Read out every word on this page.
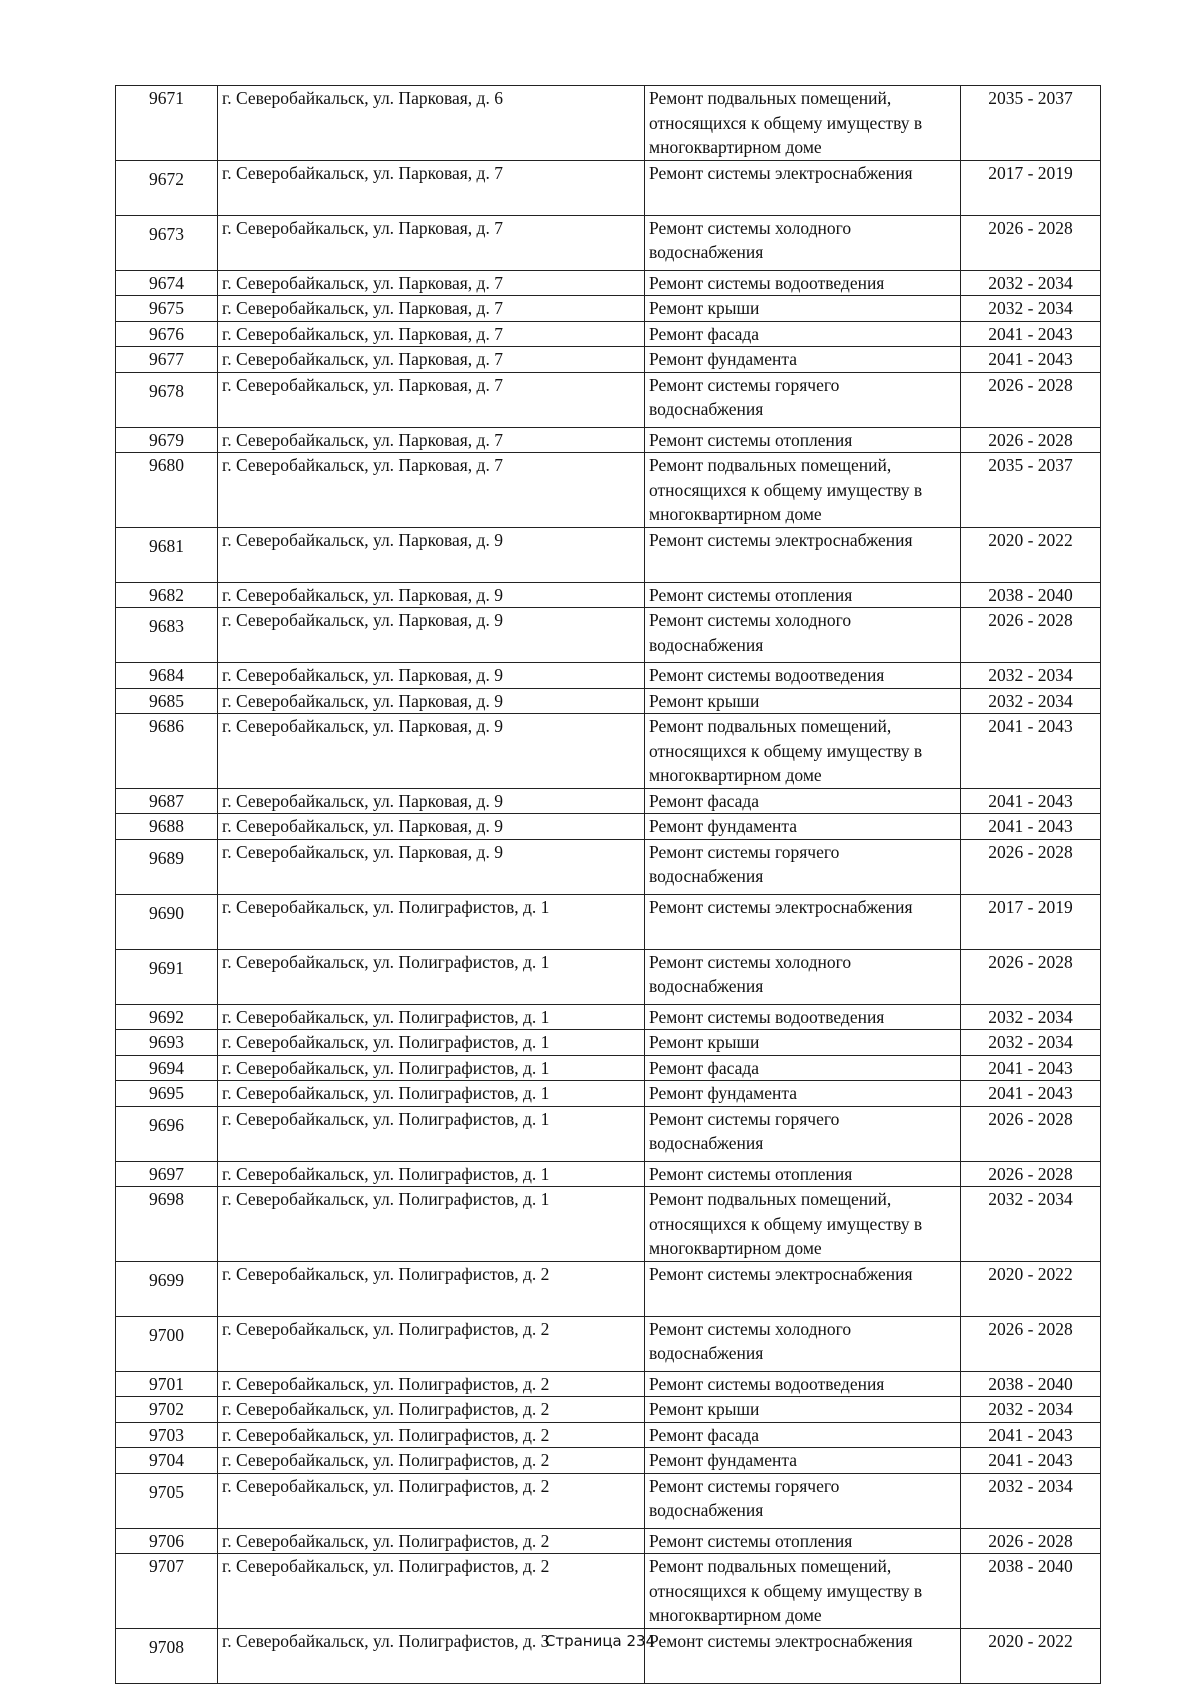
9671	г. Северобайкальск, ул. Парковая, д. 6	Ремонт подвальных помещений, относящихся к общему имуществу в многоквартирном доме	2035 - 2037
9672	г. Северобайкальск, ул. Парковая, д. 7	Ремонт системы электроснабжения	2017 - 2019
9673	г. Северобайкальск, ул. Парковая, д. 7	Ремонт системы холодного водоснабжения	2026 - 2028
9674	г. Северобайкальск, ул. Парковая, д. 7	Ремонт системы водоотведения	2032 - 2034
9675	г. Северобайкальск, ул. Парковая, д. 7	Ремонт крыши	2032 - 2034
9676	г. Северобайкальск, ул. Парковая, д. 7	Ремонт фасада	2041 - 2043
9677	г. Северобайкальск, ул. Парковая, д. 7	Ремонт фундамента	2041 - 2043
9678	г. Северобайкальск, ул. Парковая, д. 7	Ремонт системы горячего водоснабжения	2026 - 2028
9679	г. Северобайкальск, ул. Парковая, д. 7	Ремонт системы отопления	2026 - 2028
9680	г. Северобайкальск, ул. Парковая, д. 7	Ремонт подвальных помещений, относящихся к общему имуществу в многоквартирном доме	2035 - 2037
9681	г. Северобайкальск, ул. Парковая, д. 9	Ремонт системы электроснабжения	2020 - 2022
9682	г. Северобайкальск, ул. Парковая, д. 9	Ремонт системы отопления	2038 - 2040
9683	г. Северобайкальск, ул. Парковая, д. 9	Ремонт системы холодного водоснабжения	2026 - 2028
9684	г. Северобайкальск, ул. Парковая, д. 9	Ремонт системы водоотведения	2032 - 2034
9685	г. Северобайкальск, ул. Парковая, д. 9	Ремонт крыши	2032 - 2034
9686	г. Северобайкальск, ул. Парковая, д. 9	Ремонт подвальных помещений, относящихся к общему имуществу в многоквартирном доме	2041 - 2043
9687	г. Северобайкальск, ул. Парковая, д. 9	Ремонт фасада	2041 - 2043
9688	г. Северобайкальск, ул. Парковая, д. 9	Ремонт фундамента	2041 - 2043
9689	г. Северобайкальск, ул. Парковая, д. 9	Ремонт системы горячего водоснабжения	2026 - 2028
9690	г. Северобайкальск, ул. Полиграфистов, д. 1	Ремонт системы электроснабжения	2017 - 2019
9691	г. Северобайкальск, ул. Полиграфистов, д. 1	Ремонт системы холодного водоснабжения	2026 - 2028
9692	г. Северобайкальск, ул. Полиграфистов, д. 1	Ремонт системы водоотведения	2032 - 2034
9693	г. Северобайкальск, ул. Полиграфистов, д. 1	Ремонт крыши	2032 - 2034
9694	г. Северобайкальск, ул. Полиграфистов, д. 1	Ремонт фасада	2041 - 2043
9695	г. Северобайкальск, ул. Полиграфистов, д. 1	Ремонт фундамента	2041 - 2043
9696	г. Северобайкальск, ул. Полиграфистов, д. 1	Ремонт системы горячего водоснабжения	2026 - 2028
9697	г. Северобайкальск, ул. Полиграфистов, д. 1	Ремонт системы отопления	2026 - 2028
9698	г. Северобайкальск, ул. Полиграфистов, д. 1	Ремонт подвальных помещений, относящихся к общему имуществу в многоквартирном доме	2032 - 2034
9699	г. Северобайкальск, ул. Полиграфистов, д. 2	Ремонт системы электроснабжения	2020 - 2022
9700	г. Северобайкальск, ул. Полиграфистов, д. 2	Ремонт системы холодного водоснабжения	2026 - 2028
9701	г. Северобайкальск, ул. Полиграфистов, д. 2	Ремонт системы водоотведения	2038 - 2040
9702	г. Северобайкальск, ул. Полиграфистов, д. 2	Ремонт крыши	2032 - 2034
9703	г. Северобайкальск, ул. Полиграфистов, д. 2	Ремонт фасада	2041 - 2043
9704	г. Северобайкальск, ул. Полиграфистов, д. 2	Ремонт фундамента	2041 - 2043
9705	г. Северобайкальск, ул. Полиграфистов, д. 2	Ремонт системы горячего водоснабжения	2032 - 2034
9706	г. Северобайкальск, ул. Полиграфистов, д. 2	Ремонт системы отопления	2026 - 2028
9707	г. Северобайкальск, ул. Полиграфистов, д. 2	Ремонт подвальных помещений, относящихся к общему имуществу в многоквартирном доме	2038 - 2040
9708	г. Северобайкальск, ул. Полиграфистов, д. 3	Ремонт системы электроснабжения	2020 - 2022
Страница 234
